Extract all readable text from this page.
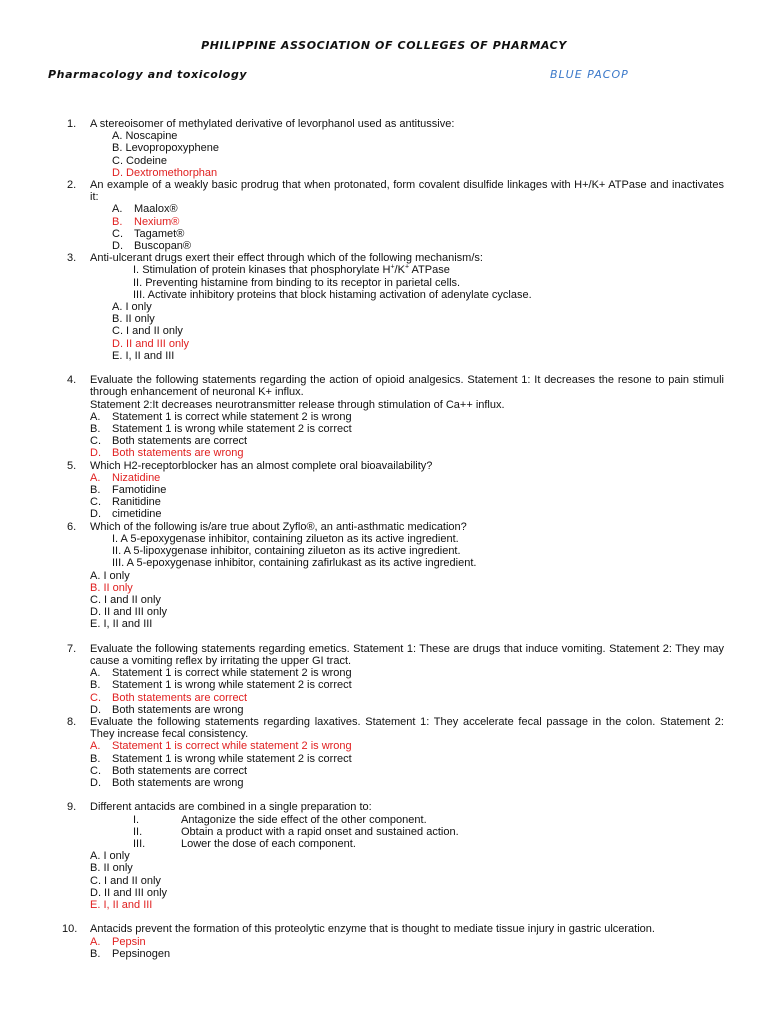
PHILIPPINE ASSOCIATION OF COLLEGES OF PHARMACY
Pharmacology and toxicology	BLUE PACOP
1. A stereoisomer of methylated derivative of levorphanol used as antitussive:
A. Noscapine
B. Levopropoxyphene
C. Codeine
D. Dextromethorphan
2. An example of a weakly basic prodrug that when protonated, form covalent disulfide linkages with H+/K+ ATPase and inactivates it:
A. Maalox®
B. Nexium®
C. Tagamet®
D. Buscopan®
3. Anti-ulcerant drugs exert their effect through which of the following mechanism/s:
I. Stimulation of protein kinases that phosphorylate H+/K+ ATPase
II. Preventing histamine from binding to its receptor in parietal cells.
III. Activate inhibitory proteins that block histaming activation of adenylate cyclase.
A. I only
B. II only
C. I and II only
D. II and III only
E. I, II and III
4. Evaluate the following statements regarding the action of opioid analgesics. Statement 1: It decreases the resone to pain stimuli through enhancement of neuronal K+ influx.
Statement 2:It decreases neurotransmitter release through stimulation of Ca++ influx.
A. Statement 1 is correct while statement 2 is wrong
B. Statement 1 is wrong while statement 2 is correct
C. Both statements are correct
D. Both statements are wrong
5. Which H2-receptorblocker has an almost complete oral bioavailability?
A. Nizatidine
B. Famotidine
C. Ranitidine
D. cimetidine
6. Which of the following is/are true about Zyflo®, an anti-asthmatic medication?
I. A 5-epoxygenase inhibitor, containing zilueton as its active ingredient.
II. A 5-lipoxygenase inhibitor, containing zilueton as its active ingredient.
III. A 5-epoxygenase inhibitor, containing zafirlukast as its active ingredient.
A. I only
B. II only
C. I and II only
D. II and III only
E. I, II and III
7. Evaluate the following statements regarding emetics. Statement 1: These are drugs that induce vomiting. Statement 2: They may cause a vomiting reflex by irritating the upper GI tract.
A. Statement 1 is correct while statement 2 is wrong
B. Statement 1 is wrong while statement 2 is correct
C. Both statements are correct
D. Both statements are wrong
8. Evaluate the following statements regarding laxatives. Statement 1: They accelerate fecal passage in the colon. Statement 2: They increase fecal consistency.
A. Statement 1 is correct while statement 2 is wrong
B. Statement 1 is wrong while statement 2 is correct
C. Both statements are correct
D. Both statements are wrong
9. Different antacids are combined in a single preparation to:
I.	Antagonize the side effect of the other component.
II.	Obtain a product with a rapid onset and sustained action.
III.	Lower the dose of each component.
A. I only
B. II only
C. I and II only
D. II and III only
E. I, II and III
10. Antacids prevent the formation of this proteolytic enzyme that is thought to mediate tissue injury in gastric ulceration.
A. Pepsin
B. Pepsinogen
